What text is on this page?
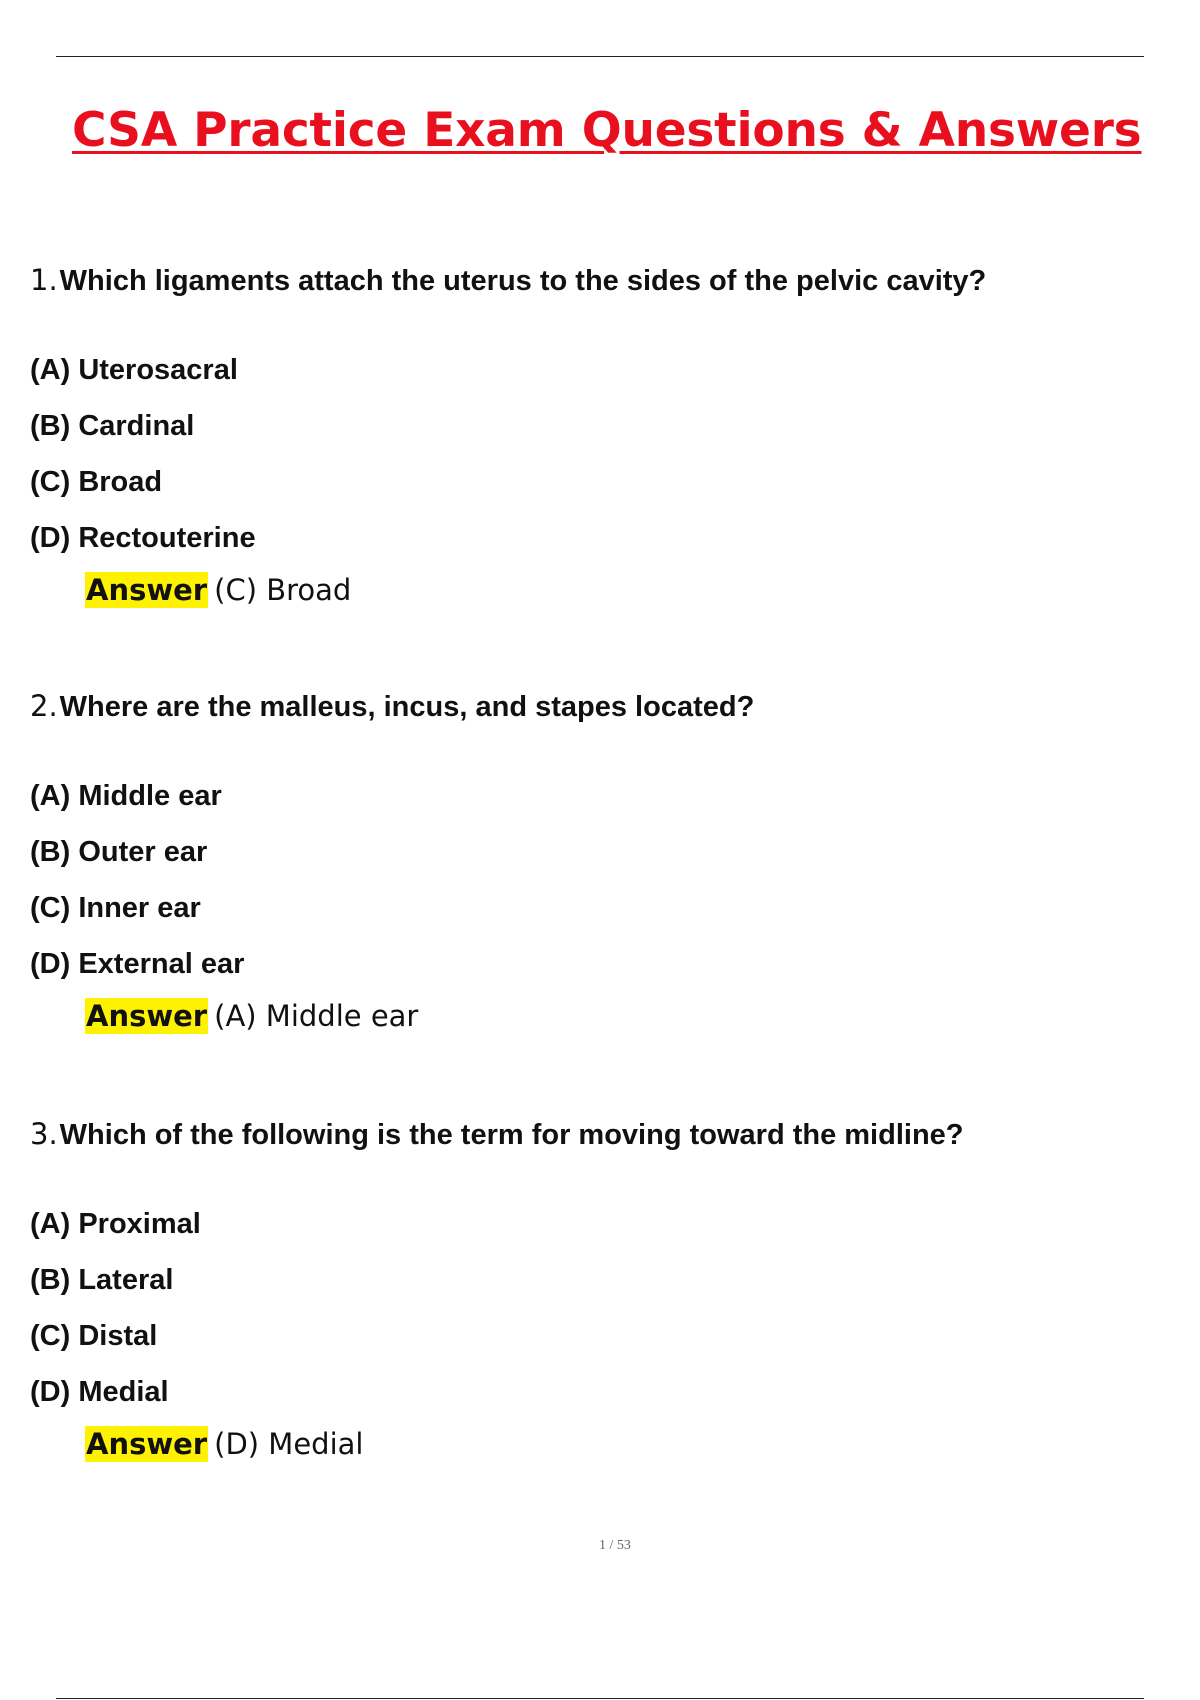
CSA Practice Exam Questions & Answers
1.Which ligaments attach the uterus to the sides of the pelvic cavity?
(A) Uterosacral
(B) Cardinal
(C) Broad
(D) Rectouterine
Answer (C) Broad
2.Where are the malleus, incus, and stapes located?
(A) Middle ear
(B) Outer ear
(C) Inner ear
(D) External ear
Answer (A) Middle ear
3.Which of the following is the term for moving toward the midline?
(A) Proximal
(B) Lateral
(C) Distal
(D) Medial
Answer (D) Medial
1 / 53
